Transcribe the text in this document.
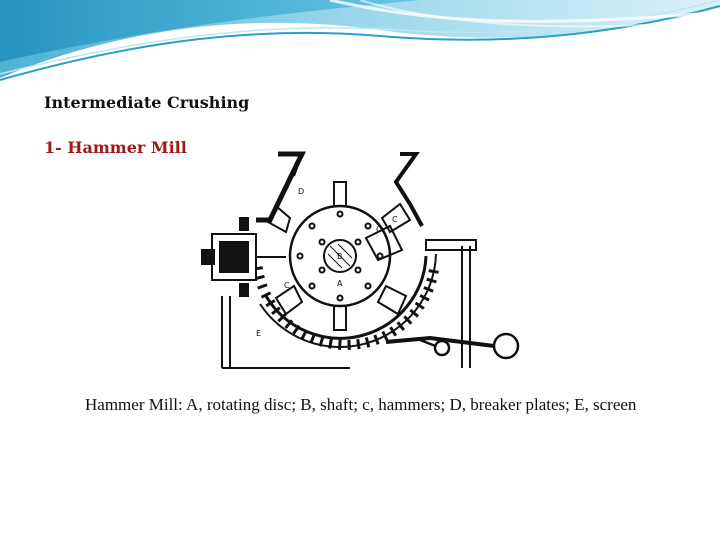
Intermediate Crushing
1- Hammer Mill
A
B
C
C
C
D
E
Hammer Mill: A, rotating disc; B, shaft; c, hammers; D, breaker plates; E, screen
